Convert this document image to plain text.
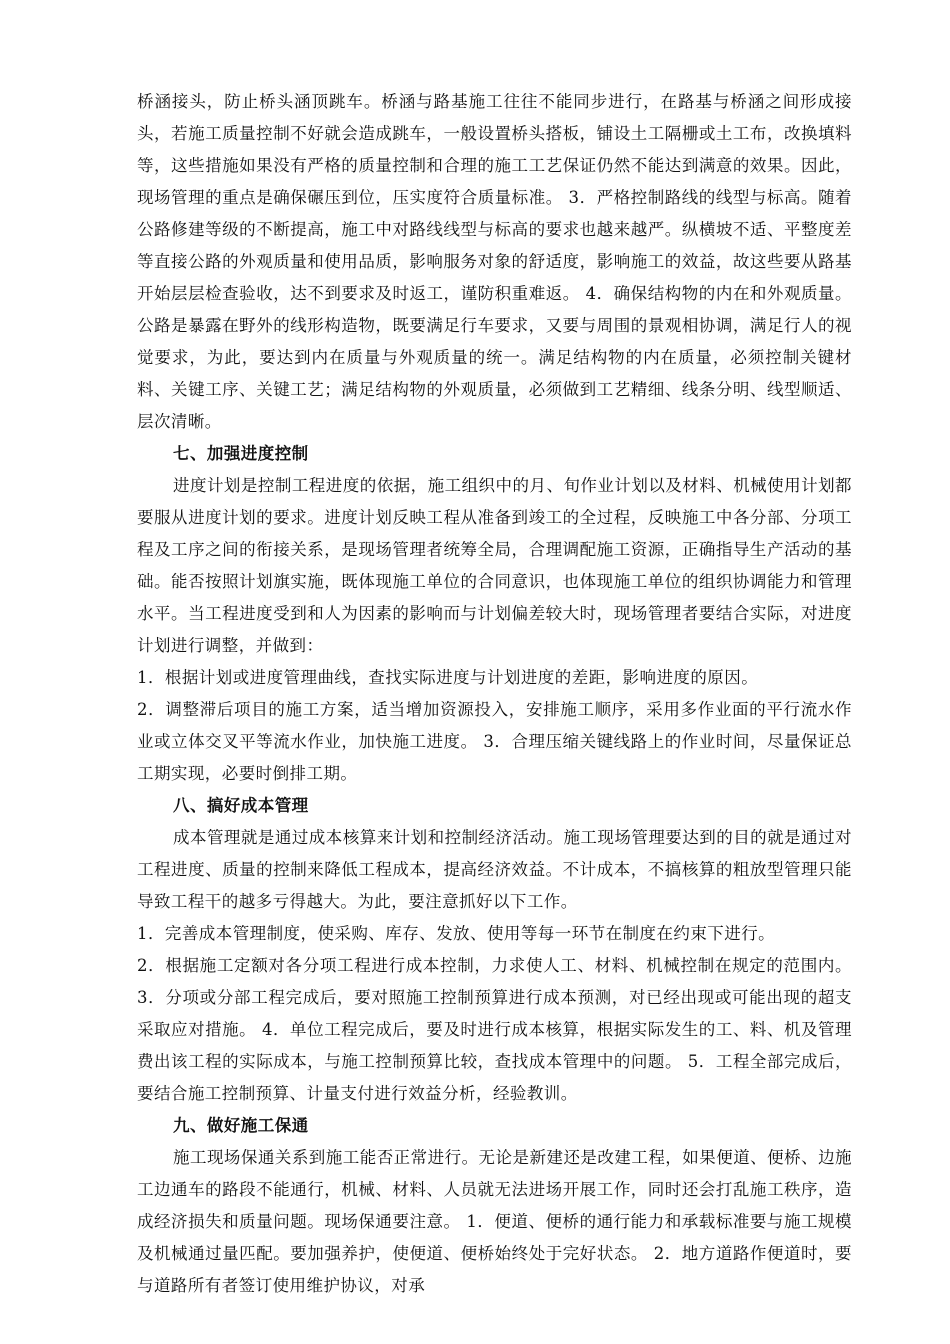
桥涵接头，防止桥头涵顶跳车。桥涵与路基施工往往不能同步进行，在路基与桥涵之间形成接头，若施工质量控制不好就会造成跳车，一般设置桥头搭板，铺设土工隔栅或土工布，改换填料等，这些措施如果没有严格的质量控制和合理的施工工艺保证仍然不能达到满意的效果。因此，现场管理的重点是确保碾压到位，压实度符合质量标准。 3．严格控制路线的线型与标高。随着公路修建等级的不断提高，施工中对路线线型与标高的要求也越来越严。纵横坡不适、平整度差等直接公路的外观质量和使用品质，影响服务对象的舒适度，影响施工的效益，故这些要从路基开始层层检查验收，达不到要求及时返工，谨防积重难返。 4．确保结构物的内在和外观质量。公路是暴露在野外的线形构造物，既要满足行车要求，又要与周围的景观相协调，满足行人的视觉要求，为此，要达到内在质量与外观质量的统一。满足结构物的内在质量，必须控制关键材料、关键工序、关键工艺；满足结构物的外观质量，必须做到工艺精细、线条分明、线型顺适、层次清晰。

七、加强进度控制

进度计划是控制工程进度的依据，施工组织中的月、旬作业计划以及材料、机械使用计划都要服从进度计划的要求。进度计划反映工程从准备到竣工的全过程，反映施工中各分部、分项工程及工序之间的衔接关系，是现场管理者统筹全局，合理调配施工资源，正确指导生产活动的基础。能否按照计划旗实施，既体现施工单位的合同意识，也体现施工单位的组织协调能力和管理水平。当工程进度受到和人为因素的影响而与计划偏差较大时，现场管理者要结合实际，对进度计划进行调整，并做到：

1．根据计划或进度管理曲线，查找实际进度与计划进度的差距，影响进度的原因。

2．调整滞后项目的施工方案，适当增加资源投入，安排施工顺序，采用多作业面的平行流水作业或立体交叉平等流水作业，加快施工进度。 3．合理压缩关键线路上的作业时间，尽量保证总工期实现，必要时倒排工期。

八、搞好成本管理

成本管理就是通过成本核算来计划和控制经济活动。施工现场管理要达到的目的就是通过对工程进度、质量的控制来降低工程成本，提高经济效益。不计成本，不搞核算的粗放型管理只能导致工程干的越多亏得越大。为此，要注意抓好以下工作。

1．完善成本管理制度，使采购、库存、发放、使用等每一环节在制度在约束下进行。

2．根据施工定额对各分项工程进行成本控制，力求使人工、材料、机械控制在规定的范围内。 3．分项或分部工程完成后，要对照施工控制预算进行成本预测，对已经出现或可能出现的超支采取应对措施。 4．单位工程完成后，要及时进行成本核算，根据实际发生的工、料、机及管理费出该工程的实际成本，与施工控制预算比较，查找成本管理中的问题。 5．工程全部完成后，要结合施工控制预算、计量支付进行效益分析，经验教训。

九、做好施工保通

施工现场保通关系到施工能否正常进行。无论是新建还是改建工程，如果便道、便桥、边施工边通车的路段不能通行，机械、材料、人员就无法进场开展工作，同时还会打乱施工秩序，造成经济损失和质量问题。现场保通要注意。 1．便道、便桥的通行能力和承载标准要与施工规模及机械通过量匹配。要加强养护，使便道、便桥始终处于完好状态。 2．地方道路作便道时，要与道路所有者签订使用维护协议，对承
